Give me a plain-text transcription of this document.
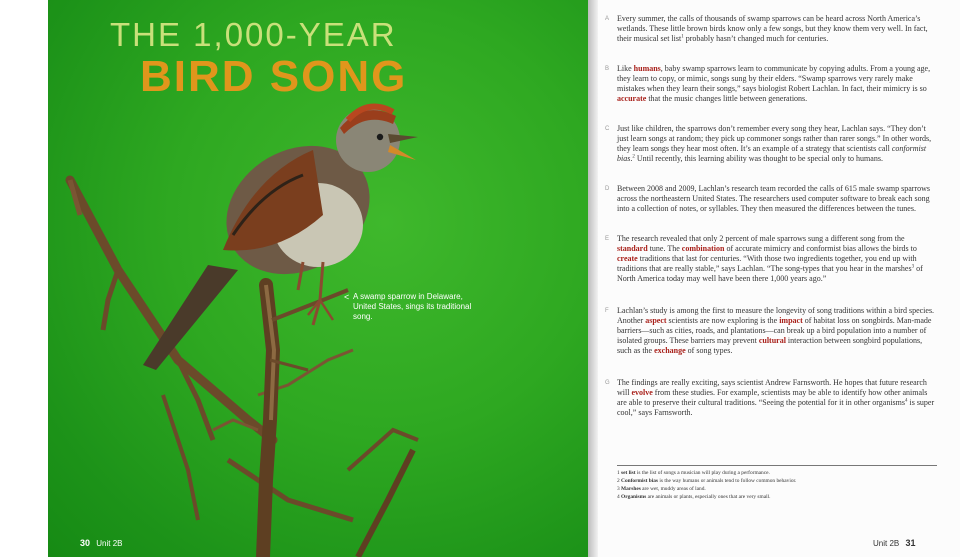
THE 1,000-YEAR
BIRD SONG
< A swamp sparrow in Delaware, United States, sings its traditional song.
30 Unit 2B
A Every summer, the calls of thousands of swamp sparrows can be heard across North America’s wetlands. These little brown birds know only a few songs, but they know them very well. In fact, their musical set list$^1$ probably hasn’t changed much for centuries.
B Like humans, baby swamp sparrows learn to communicate by copying adults. From a young age, they learn to copy, or mimic, songs sung by their elders. “Swamp sparrows very rarely make mistakes when they learn their songs,” says biologist Robert Lachlan. In fact, their mimicry is so accurate that the music changes little between generations.
C Just like children, the sparrows don’t remember every song they hear, Lachlan says. “They don’t just learn songs at random; they pick up commoner songs rather than rarer songs.” In other words, they learn songs they hear most often. It’s an example of a strategy that scientists call conformist bias.$^2$ Until recently, this learning ability was thought to be special only to humans.
D Between 2008 and 2009, Lachlan’s research team recorded the calls of 615 male swamp sparrows across the northeastern United States. The researchers used computer software to break each song into a collection of notes, or syllables. They then measured the differences between the tunes.
E The research revealed that only 2 percent of male sparrows sung a different song from the standard tune. The combination of accurate mimicry and conformist bias allows the birds to create traditions that last for centuries. “With those two ingredients together, you end up with traditions that are really stable,” says Lachlan. “The song-types that you hear in the marshes$^3$ of North America today may well have been there 1,000 years ago.”
F Lachlan’s study is among the first to measure the longevity of song traditions within a bird species. Another aspect scientists are now exploring is the impact of habitat loss on songbirds. Man-made barriers—such as cities, roads, and plantations—can break up a bird population into a number of isolated groups. These barriers may prevent cultural interaction between songbird populations, such as the exchange of song types.
G The findings are really exciting, says scientist Andrew Farnsworth. He hopes that future research will evolve from these studies. For example, scientists may be able to identify how other animals are able to preserve their cultural traditions. “Seeing the potential for it in other organisms$^4$ is super cool,” says Farnsworth.
1 set list is the list of songs a musician will play during a performance.
2 Conformist bias is the way humans or animals tend to follow common behavior.
3 Marshes are wet, muddy areas of land.
4 Organisms are animals or plants, especially ones that are very small.
Unit 2B 31
